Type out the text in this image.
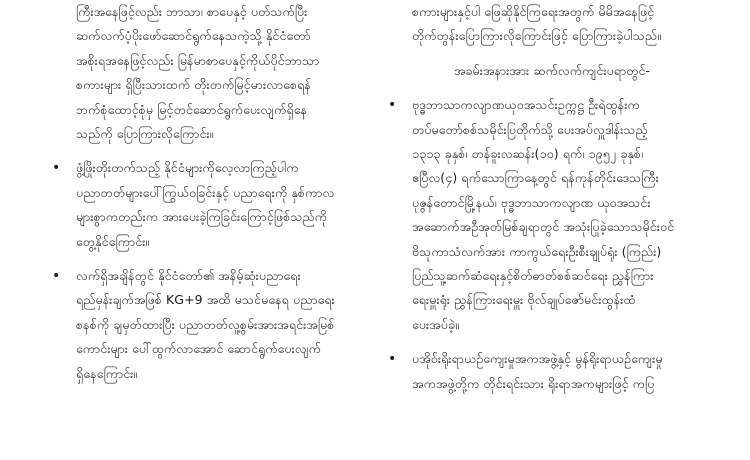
ကြီးအနေဖြင့်လည်း ဘာသာ၊ စာပေနှင့် ပတ်သက်ပြီး

ဆက်လက်ပံ့ပိုးဖော်ဆောင်ရွက်နေသကဲ့သို့ နိုင်ငံတော်

အစိုးရအနေဖြင့်လည်း မြန်မာစာပေနှင့်ကိုယ်ပိုင်ဘာသာ

စကားများ ရှိပြီးသားထက် တိုးတက်မြင့်မားလာစေရန်

ဘက်စုံထောင့်စုံမှ မြင့်တင်ဆောင်ရွက်ပေးလျက်ရှိနေ

သည်ကို ပြောကြားလိုကြောင်း။

• ဖွံ့ဖြိုးတိုးတက်သည့် နိုင်ငံများကိုလေ့လာကြည့်ပါက

ပညာတတ်များပေါ်ကြွယ်ဝခြင်းနှင့် ပညာရေးကို နှစ်ကာလ

များစွာကတည်းက အားပေးခဲ့ကြခြင်းကြောင့်ဖြစ်သည်ကို

တွေ့နိုင်ကြောင်း။

• လက်ရှိအချိန်တွင် နိုင်ငံတော်၏ အနိမ့်ဆုံးပညာရေး

ရည်မှန်းချက်အဖြစ် KG+9 အထိ မသင်မနေရ ပညာရေး

စနစ်ကို ချမှတ်ထားပြီး ပညာတတ်လူ့စွမ်းအားအရင်းအမြစ်

ကောင်းများ ပေါ်ထွက်လာအောင် ဆောင်ရွက်ပေးလျက်

ရှိနေကြောင်း။

စကားများနှင့်ပါ ဖြေဆိုနိုင်ကြရေးအတွက် မိမိအနေဖြင့်

တိုက်တွန်းပြောကြားလိုကြောင်းဖြင့် ပြောကြားခဲ့ပါသည်။

အခမ်းအနားအား ဆက်လက်ကျင်းပရာတွင်-

• ဗုဒ္ဓဘာသာကလျာဏယုဝအသင်းဥက္ကဋ္ဌ ဦးရဲထွန်းက

တပ်မတော်စစ်သမိုင်းပြတိုက်သို့ ပေးအပ်လှူဒါန်းသည့်

၁၃၁၃ ခုနှစ်၊ တန်ခူးလဆန်း(၁၀) ရက်၊ ၁၉၅၂ ခုနှစ်၊

ဧပြီလ(၄) ရက်သောကြာနေ့တွင် ရန်ကုန်တိုင်းဒေသကြီး

ပုဇွန်တောင်မြို့နယ်၊ ဗုဒ္ဓဘာသာကလျာဏ ယုဝအသင်း

အဆောက်အဦအုတ်မြစ်ချရာတွင် အသုံးပြုခဲ့သောသမိုင်းဝင်

ဗိသုကာသံလက်အား ကာကွယ်ရေးဦးစီးချုပ်ရုံး (ကြည်း)

ပြည်သူ့ဆက်ဆံရေးနှင့်စိတ်ဓာတ်စစ်ဆင်ရေး ညွှန်ကြား

ရေးမှူးရုံး ညွှန်ကြားရေးမှူး ဗိုလ်ချုပ်ဇော်မင်းထွန်းထံ

ပေးအပ်ခဲ့။

• ပအိုဝ်းရိုးရာယဉ်ကျေးမှုအကအဖွဲ့နှင့် မွန်ရိုးရာယဉ်ကျေးမှု

အကအဖွဲ့တို့က တိုင်းရင်းသား ရိုးရာအကများဖြင့် ကပြ
